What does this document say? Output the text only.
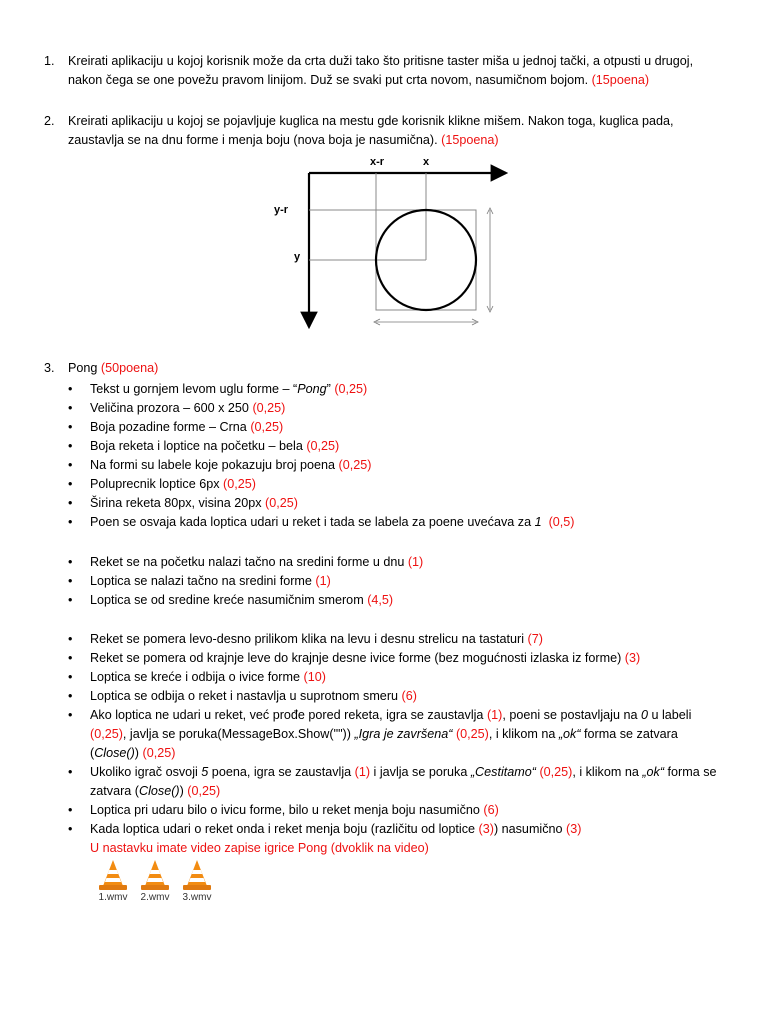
1. Kreirati aplikaciju u kojoj korisnik može da crta duži tako što pritisne taster miša u jednoj tački, a otpusti u drugoj, nakon čega se one povežu pravom linijom. Duž se svaki put crta novom, nasumičnom bojom. (15poena)
2. Kreirati aplikaciju u kojoj se pojavljuje kuglica na mestu gde korisnik klikne mišem. Nakon toga, kuglica pada, zaustavlja se na dnu forme i menja boju (nova boja je nasumična). (15poena)
x-r	x
y-r
y
3. Pong (50poena)
• Tekst u gornjem levom uglu forme – “Pong” (0,25)
• Veličina prozora – 600 x 250 (0,25)
• Boja pozadine forme – Crna (0,25)
• Boja reketa i loptice na početku – bela (0,25)
• Na formi su labele koje pokazuju broj poena (0,25)
• Poluprecnik loptice 6px (0,25)
• Širina reketa 80px, visina 20px (0,25)
• Poen se osvaja kada loptica udari u reket i tada se labela za poene uvećava za 1 (0,5)
• Reket se na početku nalazi tačno na sredini forme u dnu (1)
• Loptica se nalazi tačno na sredini forme (1)
• Loptica se od sredine kreće nasumičnim smerom (4,5)
• Reket se pomera levo-desno prilikom klika na levu i desnu strelicu na tastaturi (7)
• Reket se pomera od krajnje leve do krajnje desne ivice forme (bez mogućnosti izlaska iz forme) (3)
• Loptica se kreće i odbija o ivice forme (10)
• Loptica se odbija o reket i nastavlja u suprotnom smeru (6)
• Ako loptica ne udari u reket, već prođe pored reketa, igra se zaustavlja (1), poeni se postavljaju na 0 u labeli (0,25), javlja se poruka(MessageBox.Show("")) „Igra je završena“ (0,25), i klikom na „ok“ forma se zatvara (Close()) (0,25)
• Ukoliko igrač osvoji 5 poena, igra se zaustavlja (1) i javlja se poruka „Cestitamo“ (0,25), i klikom na „ok“ forma se zatvara (Close()) (0,25)
• Loptica pri udaru bilo o ivicu forme, bilo u reket menja boju nasumično (6)
• Kada loptica udari o reket onda i reket menja boju (različitu od loptice (3)) nasumično (3)
U nastavku imate video zapise igrice Pong (dvoklik na video)
1.wmv	2.wmv	3.wmv
